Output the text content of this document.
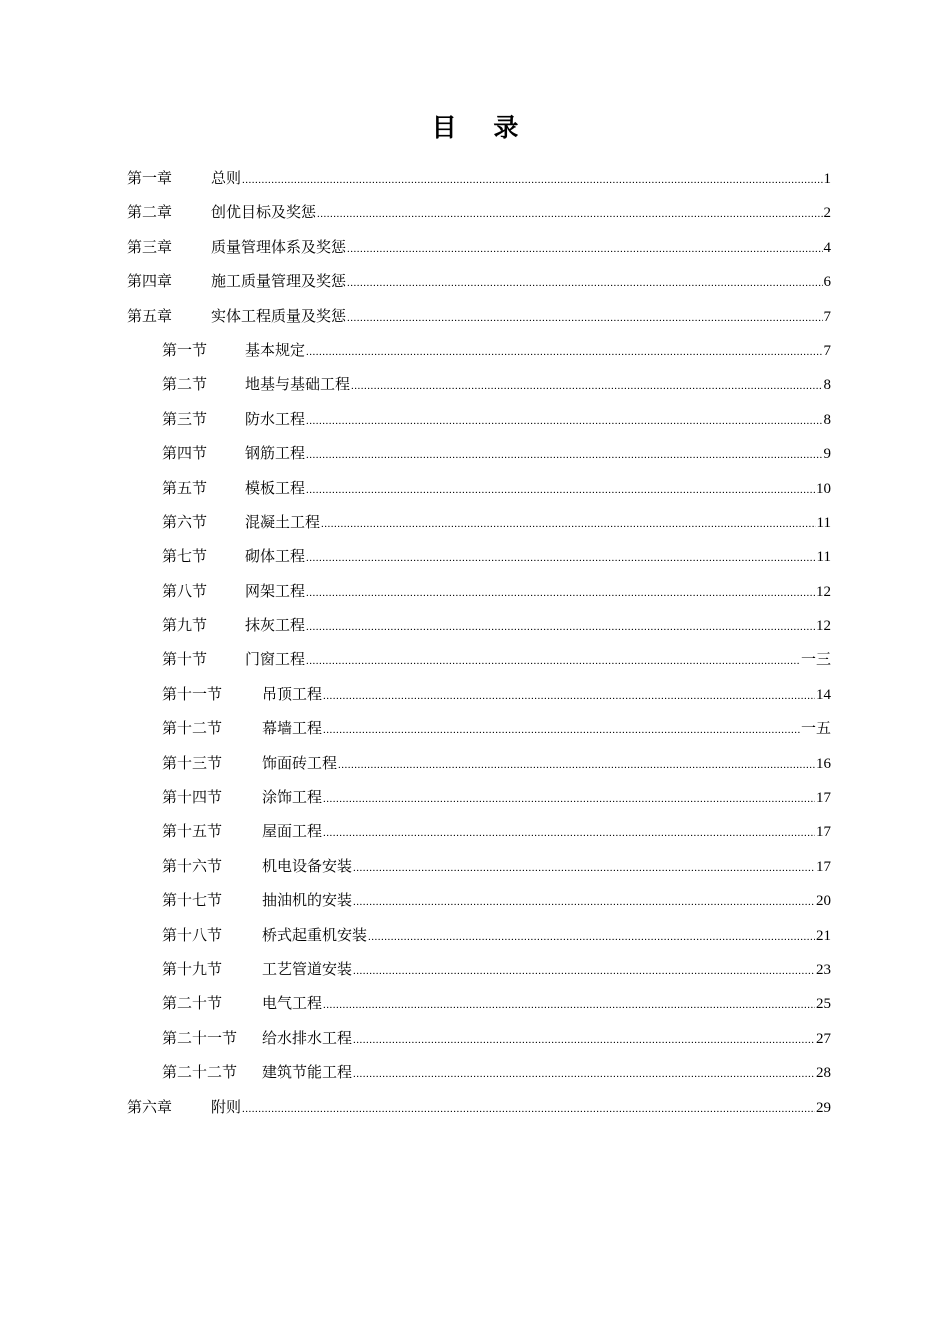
目 录
第一章	总则 .....	1
第二章	创优目标及奖惩 .....	2
第三章	质量管理体系及奖惩 .....	4
第四章	施工质量管理及奖惩 .....	6
第五章	实体工程质量及奖惩 .....	7
第一节	基本规定 .....	7
第二节	地基与基础工程 .....	8
第三节	防水工程 .....	8
第四节	钢筋工程 .....	9
第五节	模板工程 .....	10
第六节	混凝土工程 .....	11
第七节	砌体工程 .....	11
第八节	网架工程 .....	12
第九节	抹灰工程 .....	12
第十节	门窗工程 .....	一三
第十一节	吊顶工程 .....	14
第十二节	幕墙工程 .....	一五
第十三节	饰面砖工程 .....	16
第十四节	涂饰工程 .....	17
第十五节	屋面工程 .....	17
第十六节	机电设备安装 .....	17
第十七节	抽油机的安装 .....	20
第十八节	桥式起重机安装 .....	21
第十九节	工艺管道安装 .....	23
第二十节	电气工程 .....	25
第二十一节	给水排水工程 .....	27
第二十二节	建筑节能工程 .....	28
第六章	附则 .....	29
